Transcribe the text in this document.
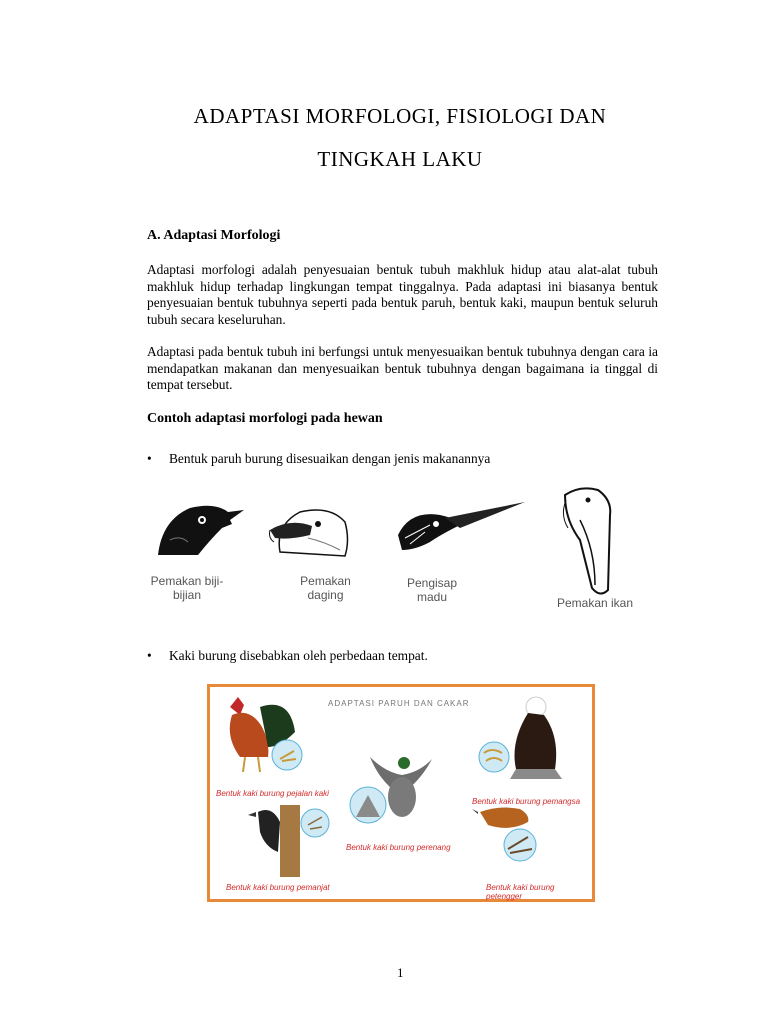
ADAPTASI MORFOLOGI, FISIOLOGI DAN
TINGKAH LAKU
A. Adaptasi Morfologi
Adaptasi morfologi adalah penyesuaian bentuk tubuh makhluk hidup atau alat-alat tubuh makhluk hidup terhadap lingkungan tempat tinggalnya. Pada adaptasi ini biasanya bentuk penyesuaian bentuk tubuhnya seperti pada bentuk paruh, bentuk kaki, maupun bentuk seluruh tubuh secara keseluruhan.
Adaptasi pada bentuk tubuh ini berfungsi untuk menyesuaikan bentuk tubuhnya dengan cara ia mendapatkan makanan dan menyesuaikan bentuk tubuhnya dengan bagaimana ia tinggal di tempat tersebut.
Contoh adaptasi morfologi pada hewan
• Bentuk paruh burung disesuaikan dengan jenis makanannya
Pemakan biji-bijian
Pemakan daging
Pengisap madu	Pemakan ikan
• Kaki burung disebabkan oleh perbedaan tempat.
ADAPTASI PARUH DAN CAKAR
Bentuk kaki burung pejalan kaki
Bentuk kaki burung pemangsa
Bentuk kaki burung perenang
Bentuk kaki burung pemanjat	Bentuk kaki burung petengger
1
